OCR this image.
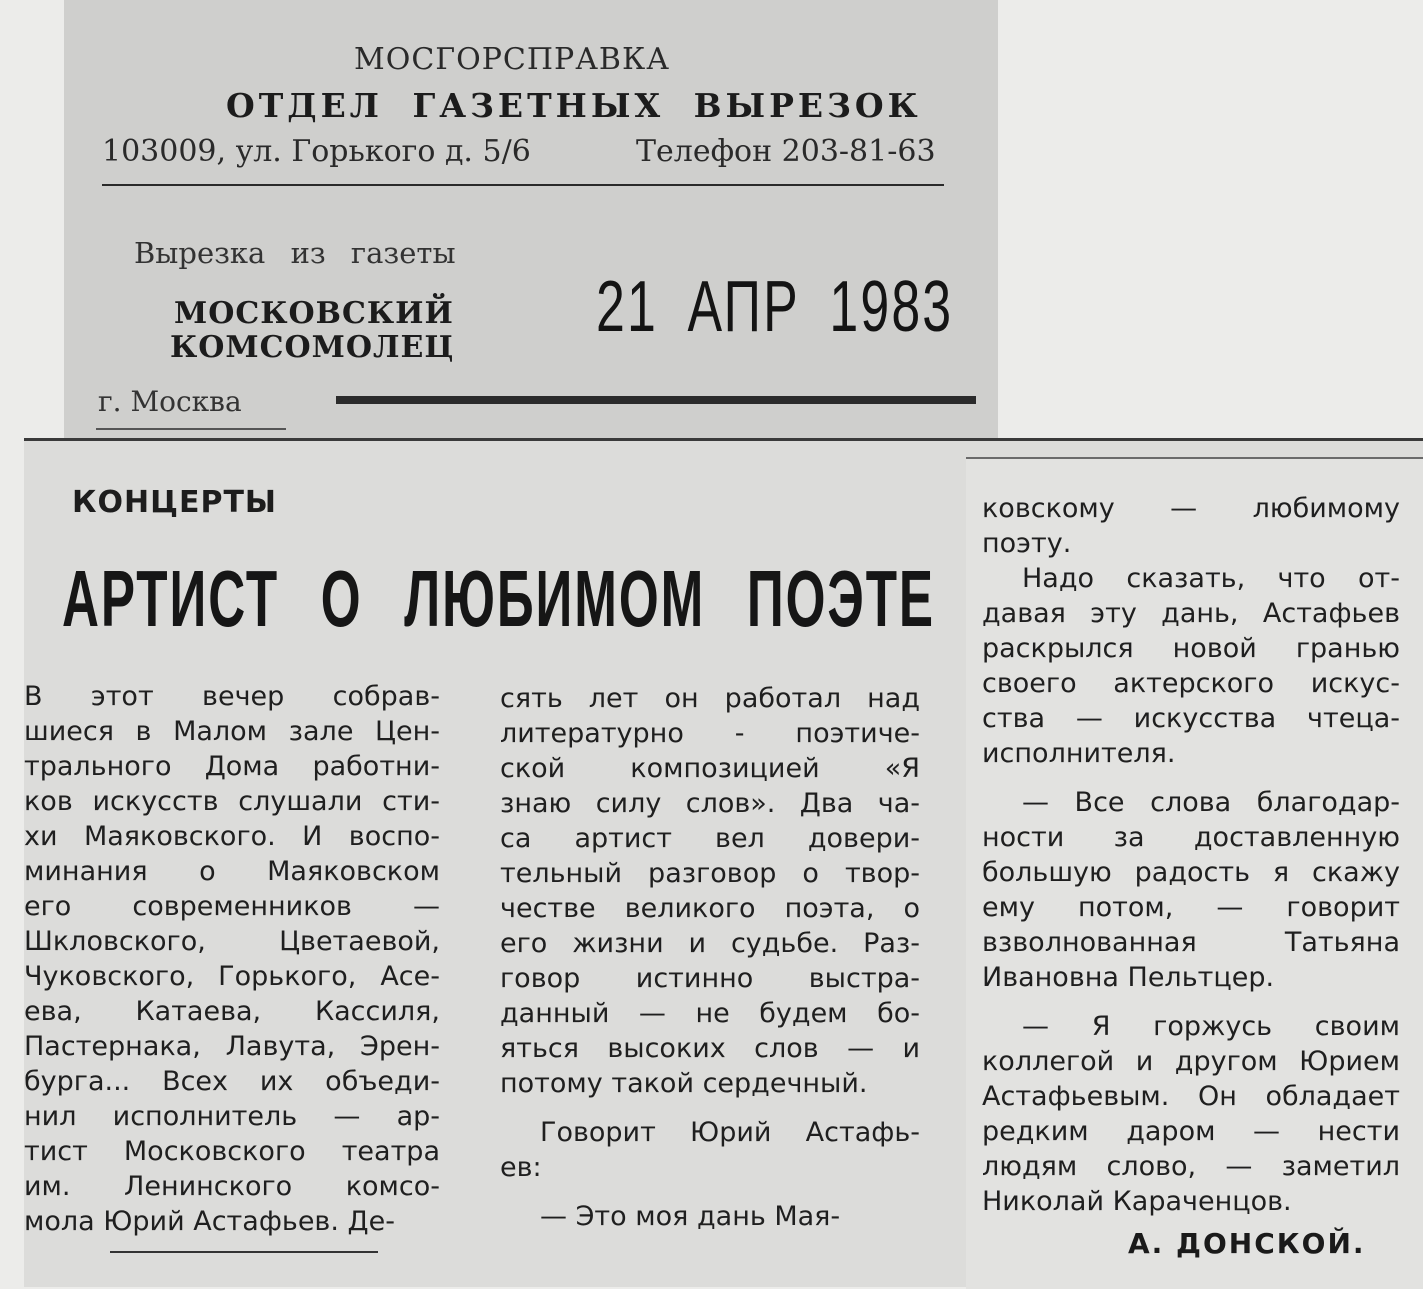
МОСГОРСПРАВКА
ОТДЕЛ ГАЗЕТНЫХ ВЫРЕЗОК
103009, ул. Горького д. 5/6	Телефон 203-81-63
Вырезка из газеты
МОСКОВСКИЙ
КОМСОМОЛЕЦ
21 АПР 1983
г. Москва
КОНЦЕРТЫ
АРТИСТ О ЛЮБИМОМ ПОЭТЕ
В этот вечер собрав-
шиеся в Малом зале Цен-
трального Дома работни-
ков искусств слушали сти-
хи Маяковского. И воспо-
минания о Маяковском
его современников —
Шкловского, Цветаевой,
Чуковского, Горького, Асе-
ева, Катаева, Кассиля,
Пастернака, Лавута, Эрен-
бурга... Всех их объеди-
нил исполнитель — ар-
тист Московского театра
им. Ленинского комсо-
мола Юрий Астафьев. Де-
сять лет он работал над
литературно - поэтиче-
ской композицией «Я
знаю силу слов». Два ча-
са артист вел довери-
тельный разговор о твор-
честве великого поэта, о
его жизни и судьбе. Раз-
говор истинно выстра-
данный — не будем бо-
яться высоких слов — и
потому такой сердечный.
Говорит Юрий Астафь-
ев:
— Это моя дань Мая-
ковскому — любимому
поэту.
Надо сказать, что от-
давая эту дань, Астафьев
раскрылся новой гранью
своего актерского искус-
ства — искусства чтеца-
исполнителя.
— Все слова благодар-
ности за доставленную
большую радость я скажу
ему потом, — говорит
взволнованная Татьяна
Ивановна Пельтцер.
— Я горжусь своим
коллегой и другом Юрием
Астафьевым. Он обладает
редким даром — нести
людям слово, — заметил
Николай Караченцов.
А. ДОНСКОЙ.
